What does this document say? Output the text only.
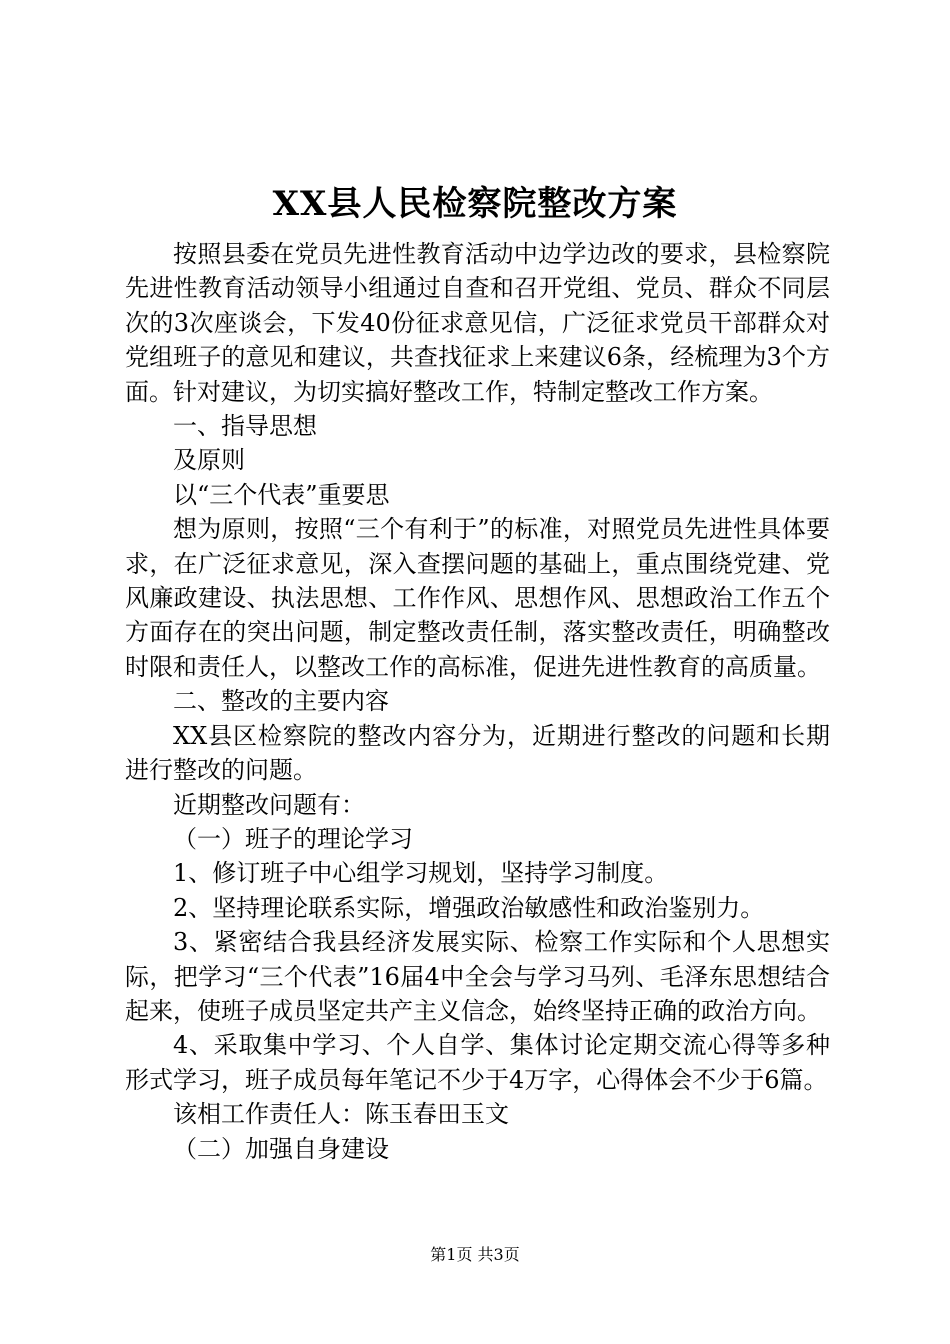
XX县人民检察院整改方案

按照县委在党员先进性教育活动中边学边改的要求，县检察院先进性教育活动领导小组通过自查和召开党组、党员、群众不同层次的3次座谈会，下发40份征求意见信，广泛征求党员干部群众对党组班子的意见和建议，共查找征求上来建议6条，经梳理为3个方面。针对建议，为切实搞好整改工作，特制定整改工作方案。

一、指导思想

及原则

以“三个代表”重要思

想为原则，按照“三个有利于”的标准，对照党员先进性具体要求，在广泛征求意见，深入查摆问题的基础上，重点围绕党建、党风廉政建设、执法思想、工作作风、思想作风、思想政治工作五个方面存在的突出问题，制定整改责任制，落实整改责任，明确整改时限和责任人，以整改工作的高标准，促进先进性教育的高质量。

二、整改的主要内容

XX县区检察院的整改内容分为，近期进行整改的问题和长期进行整改的问题。

近期整改问题有：

（一）班子的理论学习

1、修订班子中心组学习规划，坚持学习制度。

2、坚持理论联系实际，增强政治敏感性和政治鉴别力。

3、紧密结合我县经济发展实际、检察工作实际和个人思想实际，把学习“三个代表”16届4中全会与学习马列、毛泽东思想结合起来，使班子成员坚定共产主义信念，始终坚持正确的政治方向。

4、采取集中学习、个人自学、集体讨论定期交流心得等多种形式学习，班子成员每年笔记不少于4万字，心得体会不少于6篇。

该相工作责任人：陈玉春田玉文

（二）加强自身建设

第1页 共3页
